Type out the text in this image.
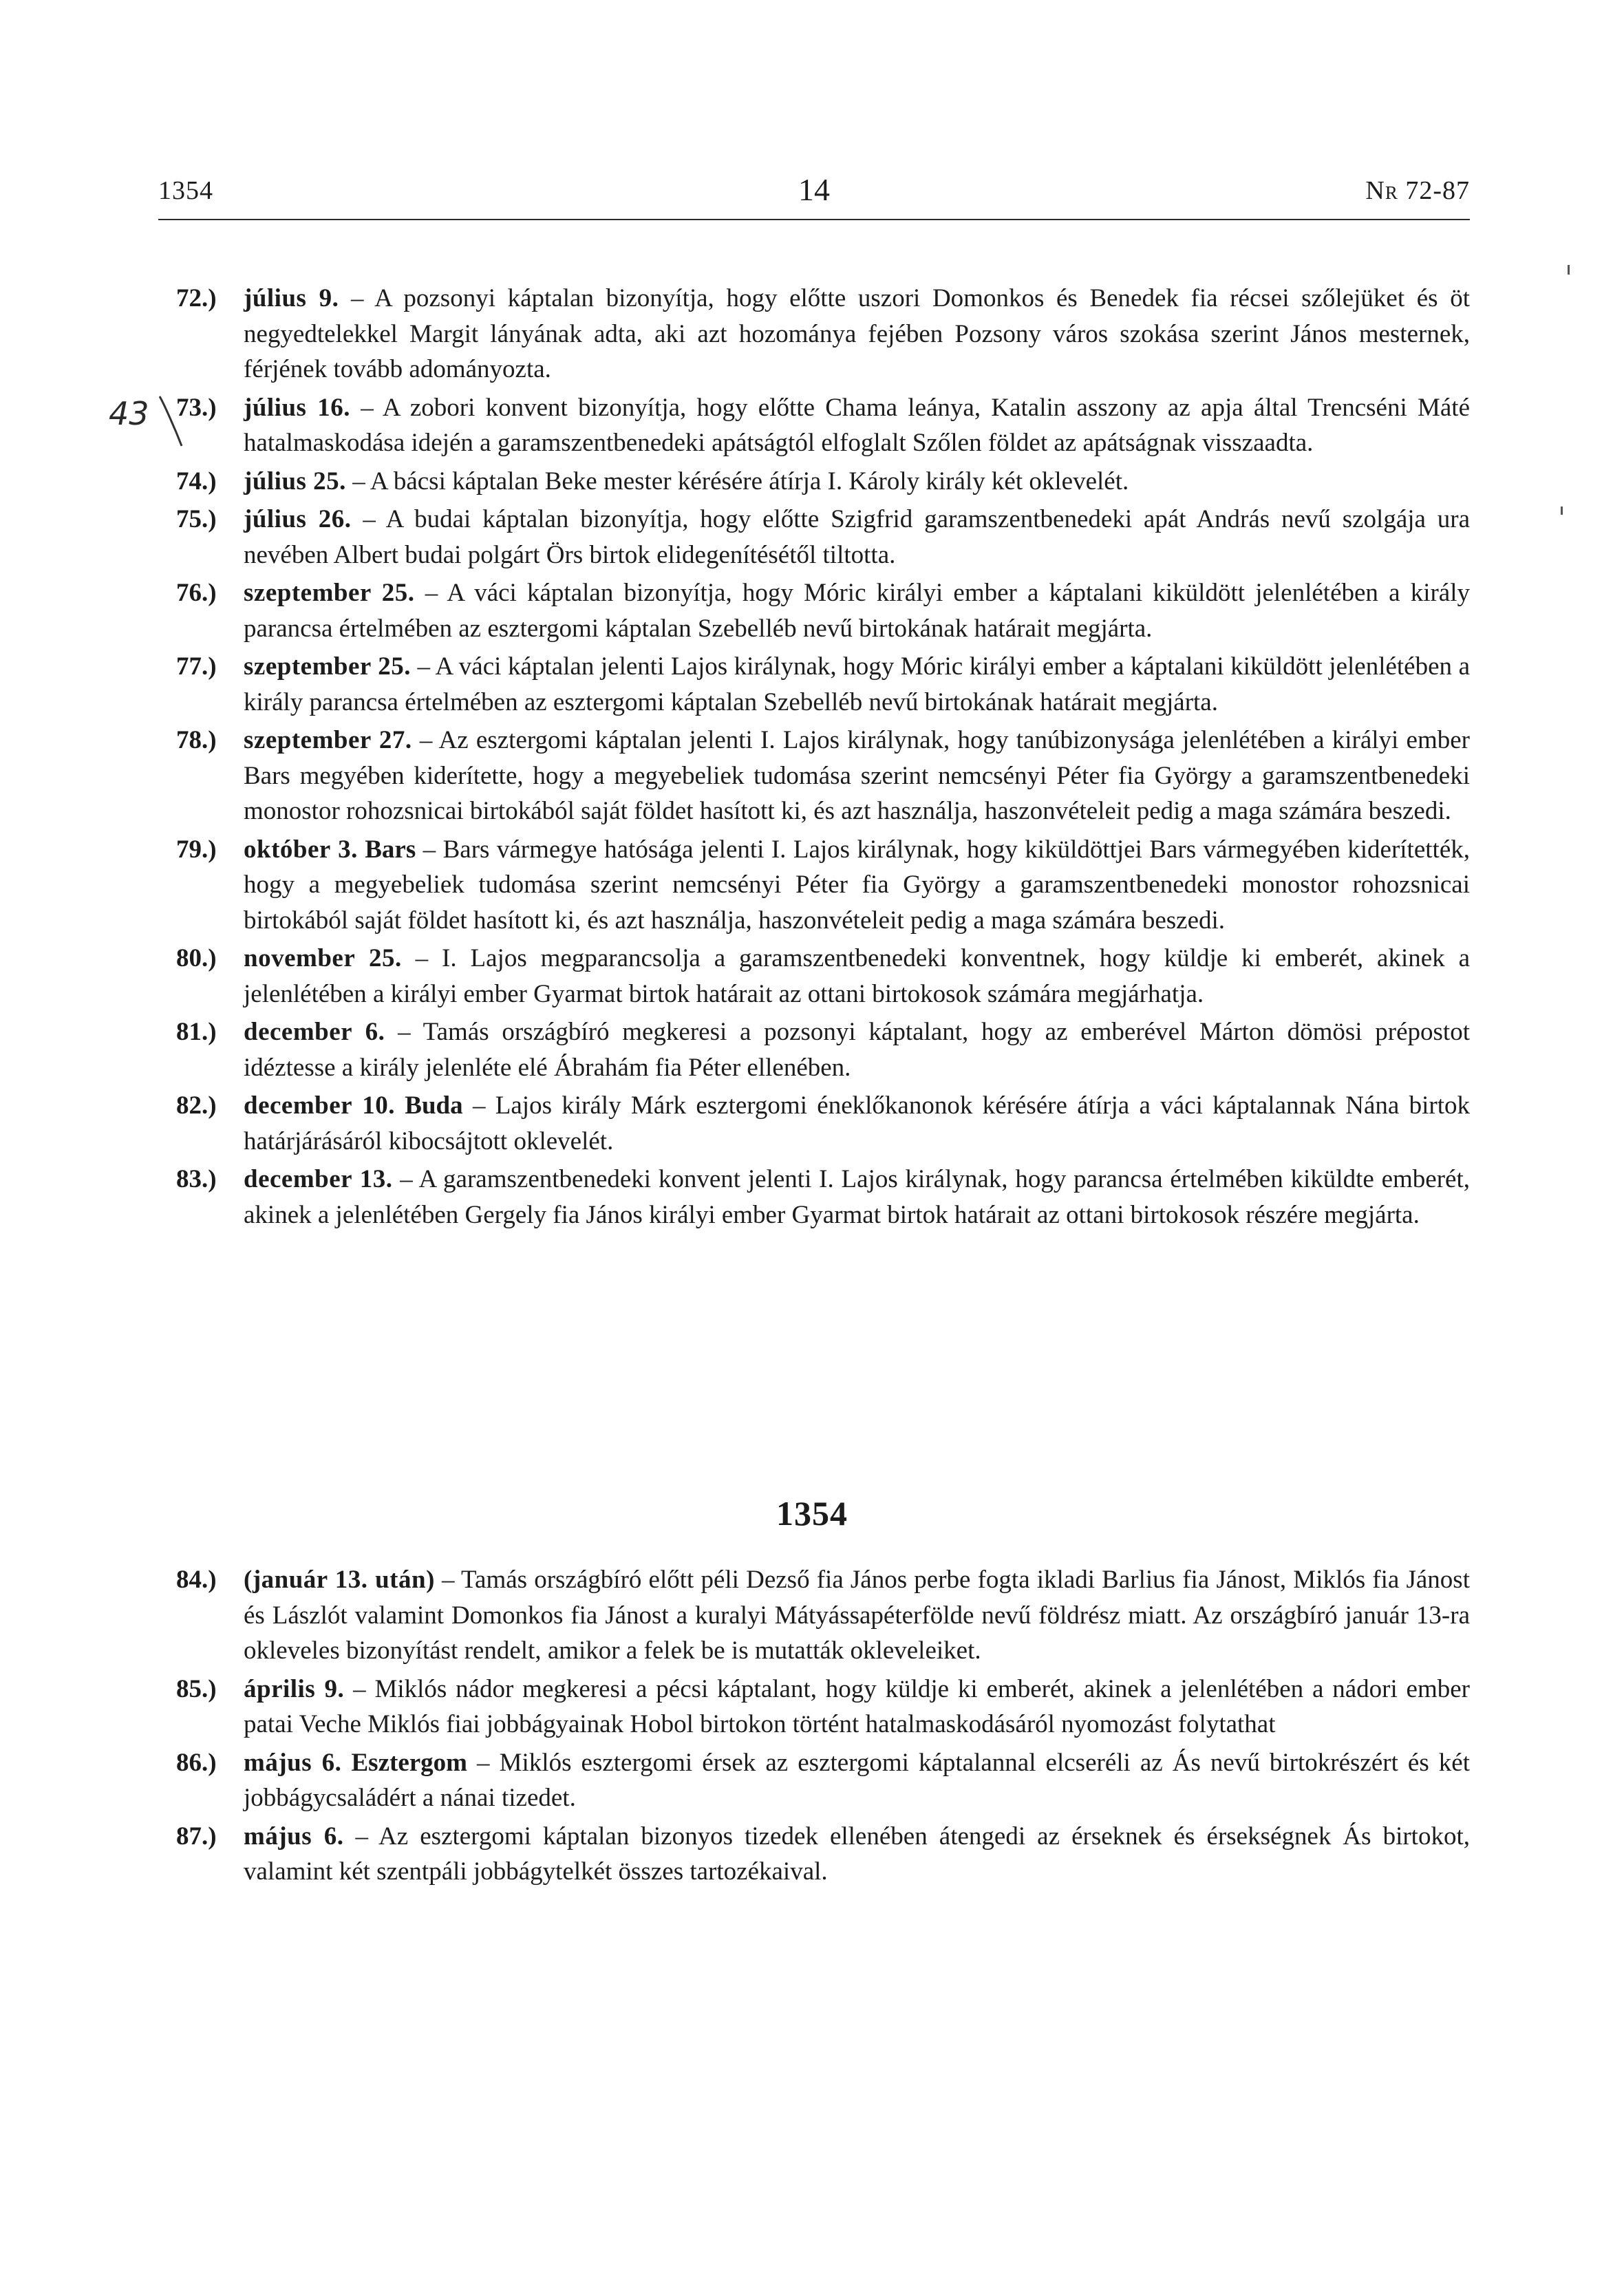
1354	14	Nr 72-87
43
72.) július 9. – A pozsonyi káptalan bizonyítja, hogy előtte uszori Domonkos és Benedek fia récsei szőlejüket és öt negyedtelekkel Margit lányának adta, aki azt hozománya fejében Pozsony város szokása szerint János mesternek, férjének tovább adományozta.
73.) július 16. – A zobori konvent bizonyítja, hogy előtte Chama leánya, Katalin asszony az apja által Trencséni Máté hatalmaskodása idején a garamszentbenedeki apátságtól elfoglalt Szőlen földet az apátságnak visszaadta.
74.) július 25. – A bácsi káptalan Beke mester kérésére átírja I. Károly király két oklevelét.
75.) július 26. – A budai káptalan bizonyítja, hogy előtte Szigfrid garamszentbenedeki apát András nevű szolgája ura nevében Albert budai polgárt Örs birtok elidegenítésétől tiltotta.
76.) szeptember 25. – A váci káptalan bizonyítja, hogy Móric királyi ember a káptalani kiküldött jelenlétében a király parancsa értelmében az esztergomi káptalan Szebelléb nevű birtokának határait megjárta.
77.) szeptember 25. – A váci káptalan jelenti Lajos királynak, hogy Móric királyi ember a káptalani kiküldött jelenlétében a király parancsa értelmében az esztergomi káptalan Szebelléb nevű birtokának határait megjárta.
78.) szeptember 27. – Az esztergomi káptalan jelenti I. Lajos királynak, hogy tanúbizonysága jelenlétében a királyi ember Bars megyében kiderítette, hogy a megyebeliek tudomása szerint nemcsényi Péter fia György a garamszentbenedeki monostor rohozsnicai birtokából saját földet hasított ki, és azt használja, haszonvételeit pedig a maga számára beszedi.
79.) október 3. Bars – Bars vármegye hatósága jelenti I. Lajos királynak, hogy kiküldöttjei Bars vármegyében kiderítették, hogy a megyebeliek tudomása szerint nemcsényi Péter fia György a garamszentbenedeki monostor rohozsnicai birtokából saját földet hasított ki, és azt használja, haszonvételeit pedig a maga számára beszedi.
80.) november 25. – I. Lajos megparancsolja a garamszentbenedeki konventnek, hogy küldje ki emberét, akinek a jelenlétében a királyi ember Gyarmat birtok határait az ottani birtokosok számára megjárhatja.
81.) december 6. – Tamás országbíró megkeresi a pozsonyi káptalant, hogy az emberével Márton dömösi prépostot idéztesse a király jelenléte elé Ábrahám fia Péter ellenében.
82.) december 10. Buda – Lajos király Márk esztergomi éneklőkanonok kérésére átírja a váci káptalannak Nána birtok határjárásáról kibocsájtott oklevelét.
83.) december 13. – A garamszentbenedeki konvent jelenti I. Lajos királynak, hogy parancsa értelmében kiküldte emberét, akinek a jelenlétében Gergely fia János királyi ember Gyarmat birtok határait az ottani birtokosok részére megjárta.
1354
84.) (január 13. után) – Tamás országbíró előtt péli Dezső fia János perbe fogta ikladi Barlius fia Jánost, Miklós fia Jánost és Lászlót valamint Domonkos fia Jánost a kuralyi Mátyássapéterfölde nevű földrész miatt. Az országbíró január 13-ra okleveles bizonyítást rendelt, amikor a felek be is mutatták okleveleiket.
85.) április 9. – Miklós nádor megkeresi a pécsi káptalant, hogy küldje ki emberét, akinek a jelenlétében a nádori ember patai Veche Miklós fiai jobbágyainak Hobol birtokon történt hatalmaskodásáról nyomozást folytathat
86.) május 6. Esztergom – Miklós esztergomi érsek az esztergomi káptalannal elcseréli az Ás nevű birtokrészért és két jobbágycsaládért a nánai tizedet.
87.) május 6. – Az esztergomi káptalan bizonyos tizedek ellenében átengedi az érseknek és érsekségnek Ás birtokot, valamint két szentpáli jobbágytelkét összes tartozékaival.
